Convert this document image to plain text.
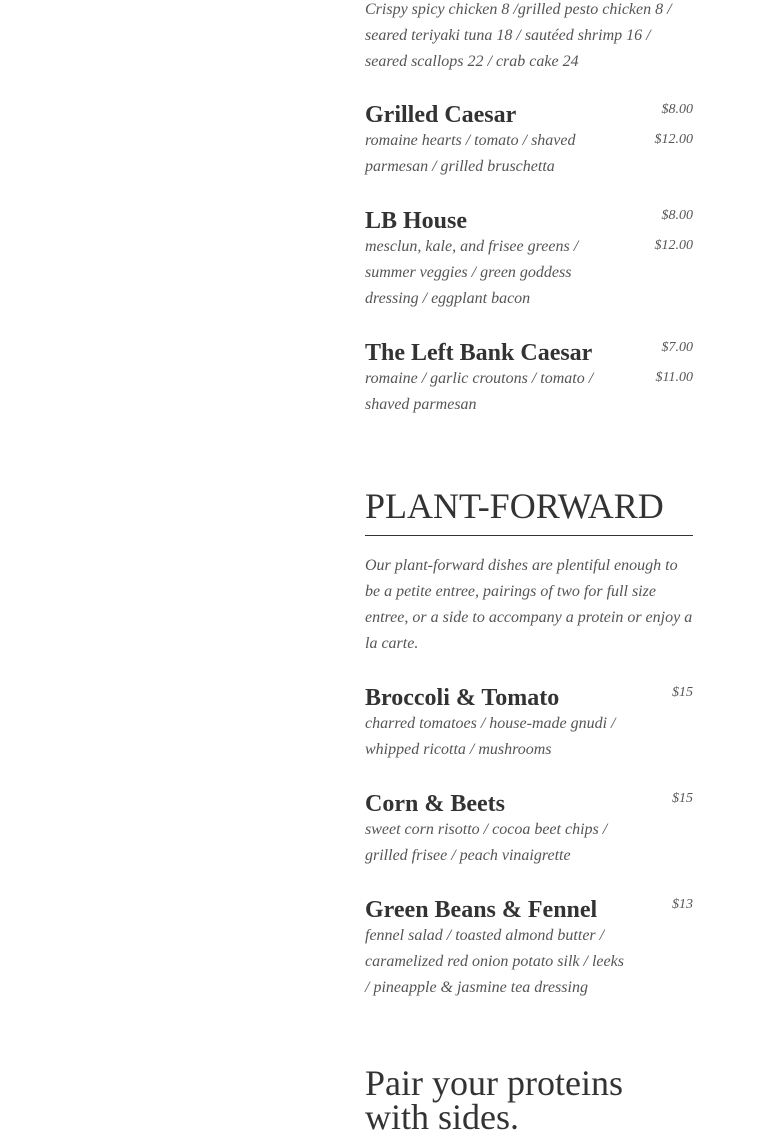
Crispy spicy chicken 8 /grilled pesto chicken 8 / seared teriyaki tuna 18 / sautéed shrimp 16 / seared scallops 22 / crab cake 24

Grilled Caesar

romaine hearts / tomato / shaved parmesan / grilled bruschetta

$8.00
$12.00
LB House

mesclun, kale, and frisee greens / summer veggies / green goddess dressing / eggplant bacon

$8.00
$12.00
The Left Bank Caesar

romaine / garlic croutons / tomato / shaved parmesan

$7.00
$11.00
PLANT-FORWARD

Our plant-forward dishes are plentiful enough to be a petite entree, pairings of two for full size entree, or a side to accompany a protein or enjoy a la carte.

Broccoli & Tomato

charred tomatoes / house-made gnudi / whipped ricotta / mushrooms

$15
Corn & Beets

sweet corn risotto / cocoa beet chips / grilled frisee / peach vinaigrette

$15
Green Beans & Fennel

fennel salad / toasted almond butter / caramelized red onion potato silk / leeks / pineapple & jasmine tea dressing

$13
Pair your proteins with sides.
